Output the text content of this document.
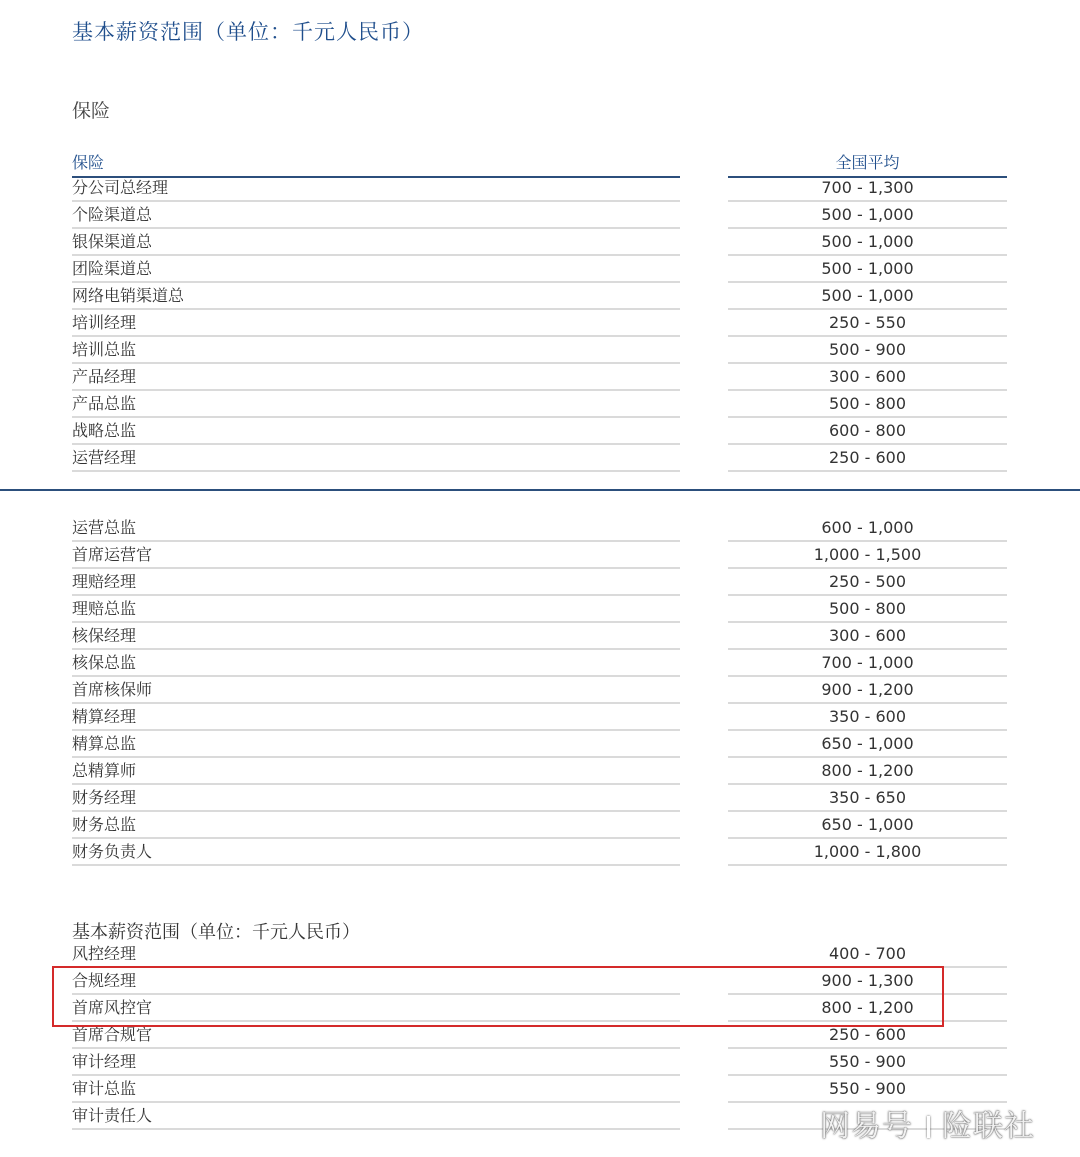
基本薪资范围（单位：千元人民币）
保险
保险	全国平均
分公司总经理	700 - 1,300
个险渠道总	500 - 1,000
银保渠道总	500 - 1,000
团险渠道总	500 - 1,000
网络电销渠道总	500 - 1,000
培训经理	250 - 550
培训总监	500 - 900
产品经理	300 - 600
产品总监	500 - 800
战略总监	600 - 800
运营经理	250 - 600
运营总监	600 - 1,000
首席运营官	1,000 - 1,500
理赔经理	250 - 500
理赔总监	500 - 800
核保经理	300 - 600
核保总监	700 - 1,000
首席核保师	900 - 1,200
精算经理	350 - 600
精算总监	650 - 1,000
总精算师	800 - 1,200
财务经理	350 - 650
财务总监	650 - 1,000
财务负责人	1,000 - 1,800
基本薪资范围（单位：千元人民币）
风控经理	400 - 700
合规经理	900 - 1,300
首席风控官	800 - 1,200
首席合规官	250 - 600
审计经理	550 - 900
审计总监	550 - 900
审计责任人	网易号 险联社
